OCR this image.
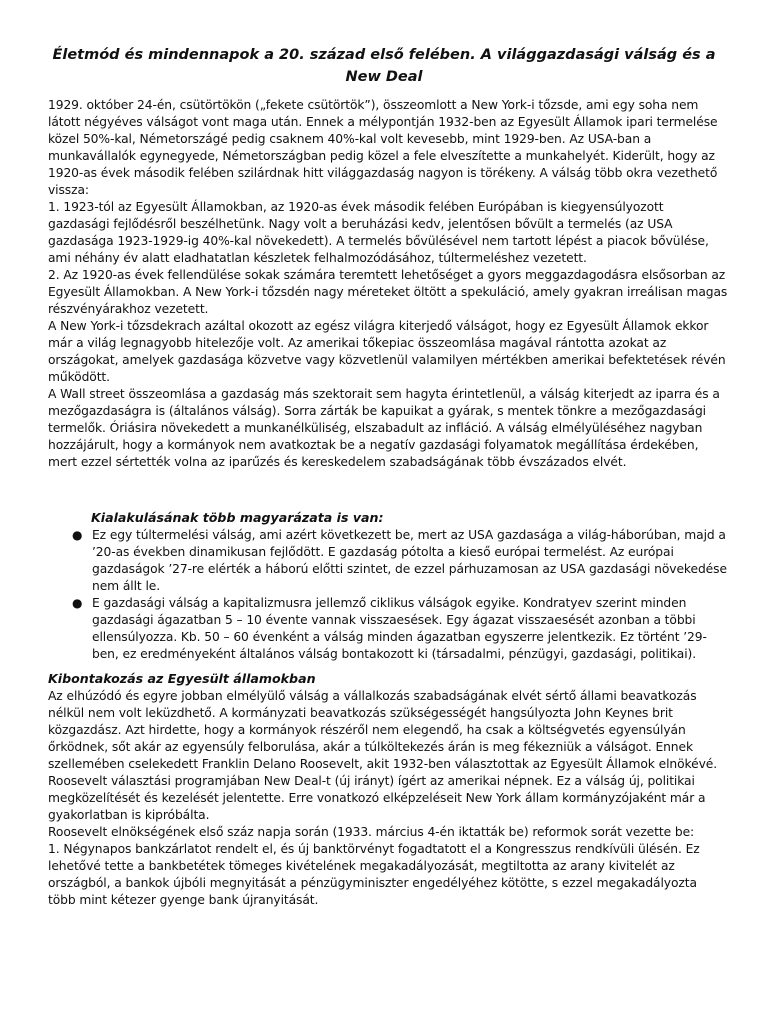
Életmód és mindennapok a 20. század első felében. A világgazdasági válság és a New Deal

1929. október 24-én, csütörtökön („fekete csütörtök”), összeomlott a New York-i tőzsde, ami egy soha nem látott négyéves válságot vont maga után. Ennek a mélypontján 1932-ben az Egyesült Államok ipari termelése közel 50%-kal, Németországé pedig csaknem 40%-kal volt kevesebb, mint 1929-ben. Az USA-ban a munkavállalók egynegyede, Németországban pedig közel a fele elveszítette a munkahelyét. Kiderült, hogy az 1920-as évek második felében szilárdnak hitt világgazdaság nagyon is törékeny. A válság több okra vezethető vissza:

1. 1923-tól az Egyesült Államokban, az 1920-as évek második felében Európában is kiegyensúlyozott gazdasági fejlődésről beszélhetünk. Nagy volt a beruházási kedv, jelentősen bővült a termelés (az USA gazdasága 1923-1929-ig 40%-kal növekedett). A termelés bővülésével nem tartott lépést a piacok bővülése, ami néhány év alatt eladhatatlan készletek felhalmozódásához, túltermeléshez vezetett.

2. Az 1920-as évek fellendülése sokak számára teremtett lehetőséget a gyors meggazdagodásra elsősorban az Egyesült Államokban. A New York-i tőzsdén nagy méreteket öltött a spekuláció, amely gyakran irreálisan magas részvényárakhoz vezetett.

A New York-i tőzsdekrach azáltal okozott az egész világra kiterjedő válságot, hogy ez Egyesült Államok ekkor már a világ legnagyobb hitelezője volt. Az amerikai tőkepiac összeomlása magával rántotta azokat az országokat, amelyek gazdasága közvetve vagy közvetlenül valamilyen mértékben amerikai befektetések révén működött.

A Wall street összeomlása a gazdaság más szektorait sem hagyta érintetlenül, a válság kiterjedt az iparra és a mezőgazdaságra is (általános válság). Sorra zárták be kapuikat a gyárak, s mentek tönkre a mezőgazdasági termelők. Óriásira növekedett a munkanélküliség, elszabadult az infláció. A válság elmélyüléséhez nagyban hozzájárult, hogy a kormányok nem avatkoztak be a negatív gazdasági folyamatok megállítása érdekében, mert ezzel sértették volna az iparűzés és kereskedelem szabadságának több évszázados elvét.

Kialakulásának több magyarázata is van:
● Ez egy túltermelési válság, ami azért következett be, mert az USA gazdasága a világ-háborúban, majd a ’20-as években dinamikusan fejlődött. E gazdaság pótolta a kieső európai termelést. Az európai gazdaságok ’27-re elérték a háború előtti szintet, de ezzel párhuzamosan az USA gazdasági növekedése nem állt le.
● E gazdasági válság a kapitalizmusra jellemző ciklikus válságok egyike. Kondratyev szerint minden gazdasági ágazatban 5 – 10 évente vannak visszaesések. Egy ágazat visszaesését azonban a többi ellensúlyozza. Kb. 50 – 60 évenként a válság minden ágazatban egyszerre jelentkezik. Ez történt ’29-ben, ez eredményeként általános válság bontakozott ki (társadalmi, pénzügyi, gazdasági, politikai).
Kibontakozás az Egyesült államokban

Az elhúzódó és egyre jobban elmélyülő válság a vállalkozás szabadságának elvét sértő állami beavatkozás nélkül nem volt leküzdhető. A kormányzati beavatkozás szükségességét hangsúlyozta John Keynes brit közgazdász. Azt hirdette, hogy a kormányok részéről nem elegendő, ha csak a költségvetés egyensúlyán őrködnek, sőt akár az egyensúly felborulása, akár a túlköltekezés árán is meg fékezniük a válságot. Ennek szellemében cselekedett Franklin Delano Roosevelt, akit 1932-ben választottak az Egyesült Államok elnökévé.

Roosevelt választási programjában New Deal-t (új irányt) ígért az amerikai népnek. Ez a válság új, politikai megközelítését és kezelését jelentette. Erre vonatkozó elképzeléseit New York állam kormányzójaként már a gyakorlatban is kipróbálta.

Roosevelt elnökségének első száz napja során (1933. március 4-én iktatták be) reformok sorát vezette be:

1. Négynapos bankzárlatot rendelt el, és új banktörvényt fogadtatott el a Kongresszus rendkívüli ülésén. Ez lehetővé tette a bankbetétek tömeges kivételének megakadályozását, megtiltotta az arany kivitelét az országból, a bankok újbóli megnyitását a pénzügyminiszter engedélyéhez kötötte, s ezzel megakadályozta több mint kétezer gyenge bank újranyitását.
